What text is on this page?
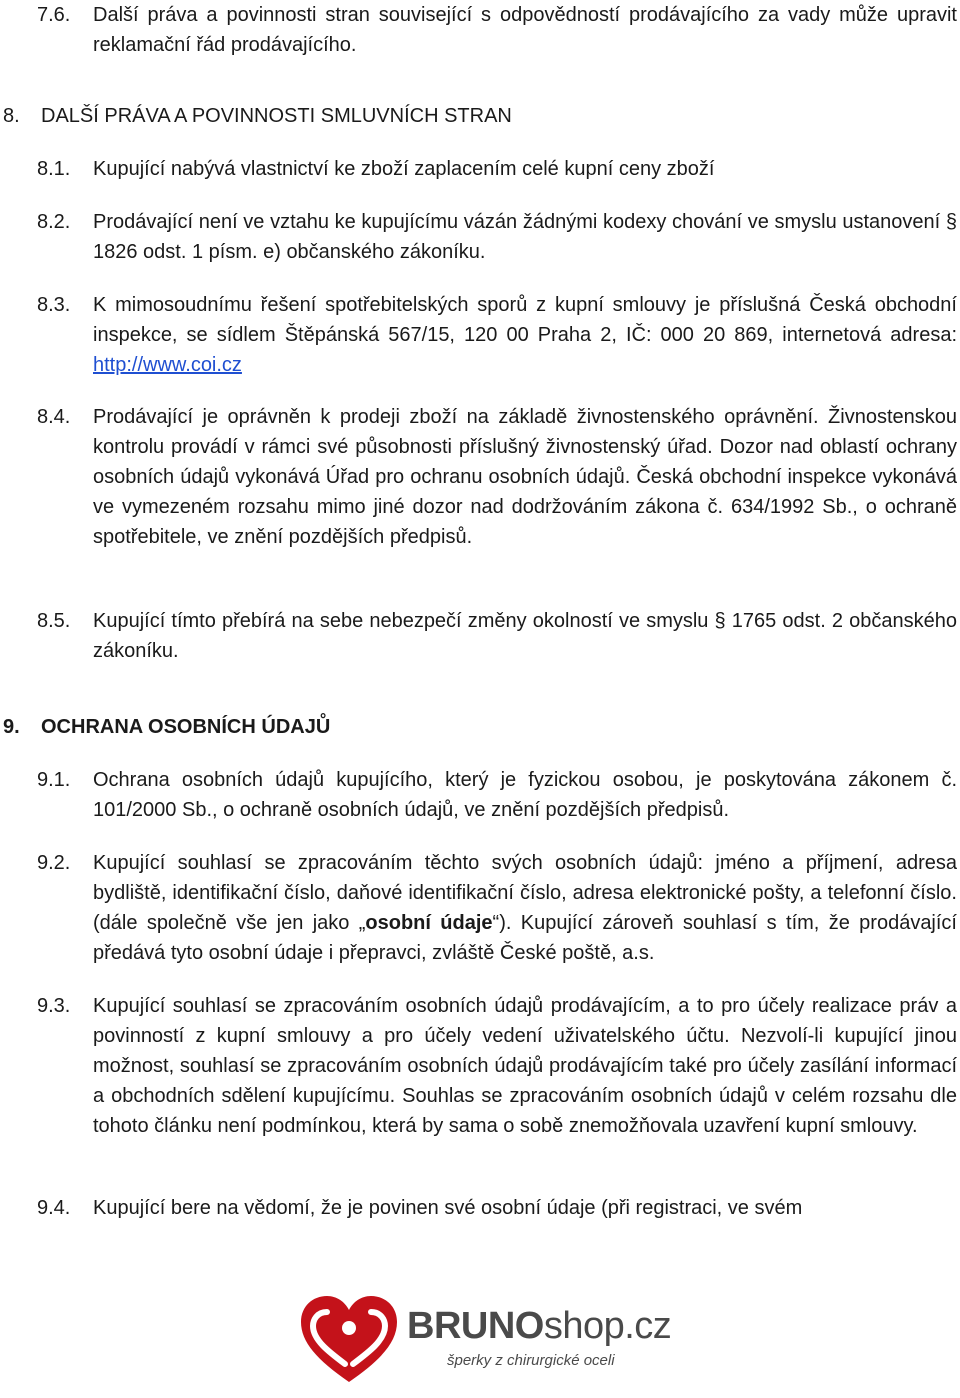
7.6. Další práva a povinnosti stran související s odpovědností prodávajícího za vady může upravit reklamační řád prodávajícího.
8. DALŠÍ PRÁVA A POVINNOSTI SMLUVNÍCH STRAN
8.1. Kupující nabývá vlastnictví ke zboží zaplacením celé kupní ceny zboží
8.2. Prodávající není ve vztahu ke kupujícímu vázán žádnými kodexy chování ve smyslu ustanovení § 1826 odst. 1 písm. e) občanského zákoníku.
8.3. K mimosoudnímu řešení spotřebitelských sporů z kupní smlouvy je příslušná Česká obchodní inspekce, se sídlem Štěpánská 567/15, 120 00 Praha 2, IČ: 000 20 869, internetová adresa: http://www.coi.cz
8.4. Prodávající je oprávněn k prodeji zboží na základě živnostenského oprávnění. Živnostenskou kontrolu provádí v rámci své působnosti příslušný živnostenský úřad. Dozor nad oblastí ochrany osobních údajů vykonává Úřad pro ochranu osobních údajů. Česká obchodní inspekce vykonává ve vymezeném rozsahu mimo jiné dozor nad dodržováním zákona č. 634/1992 Sb., o ochraně spotřebitele, ve znění pozdějších předpisů.
8.5. Kupující tímto přebírá na sebe nebezpečí změny okolností ve smyslu § 1765 odst. 2 občanského zákoníku.
9. OCHRANA OSOBNÍCH ÚDAJŮ
9.1. Ochrana osobních údajů kupujícího, který je fyzickou osobou, je poskytována zákonem č. 101/2000 Sb., o ochraně osobních údajů, ve znění pozdějších předpisů.
9.2. Kupující souhlasí se zpracováním těchto svých osobních údajů: jméno a příjmení, adresa bydliště, identifikační číslo, daňové identifikační číslo, adresa elektronické pošty, a telefonní číslo. (dále společně vše jen jako „osobní údaje“). Kupující zároveň souhlasí s tím, že prodávající předává tyto osobní údaje i přepravci, zvláště České poště, a.s.
9.3. Kupující souhlasí se zpracováním osobních údajů prodávajícím, a to pro účely realizace práv a povinností z kupní smlouvy a pro účely vedení uživatelského účtu. Nezvolí-li kupující jinou možnost, souhlasí se zpracováním osobních údajů prodávajícím také pro účely zasílání informací a obchodních sdělení kupujícímu. Souhlas se zpracováním osobních údajů v celém rozsahu dle tohoto článku není podmínkou, která by sama o sobě znemožňovala uzavření kupní smlouvy.
9.4. Kupující bere na vědomí, že je povinen své osobní údaje (při registraci, ve svém
BRUNOshop.cz
šperky z chirurgické oceli
